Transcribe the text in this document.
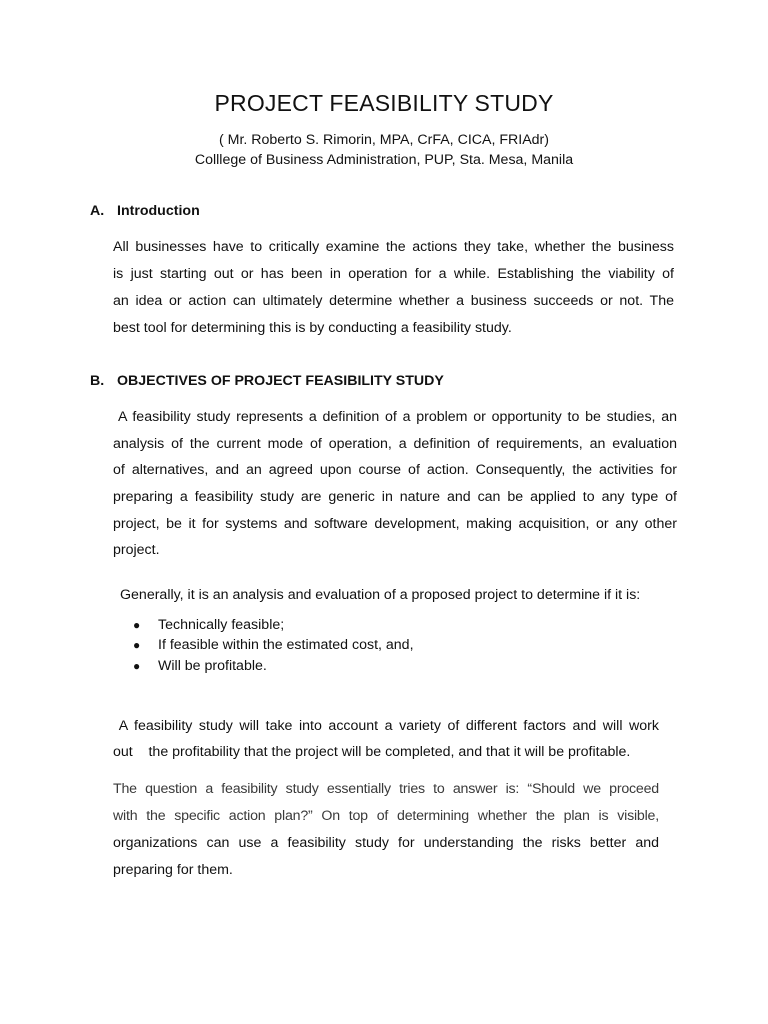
PROJECT FEASIBILITY STUDY
( Mr. Roberto S. Rimorin, MPA, CrFA, CICA, FRIAdr)
Colllege of Business Administration, PUP, Sta. Mesa, Manila
A. Introduction
All businesses have to critically examine the actions they take, whether the business
is just starting out or has been in operation for a while. Establishing the viability of
an idea or action can ultimately determine whether a business succeeds or not. The
best tool for determining this is by conducting a feasibility study.
B. OBJECTIVES OF PROJECT FEASIBILITY STUDY
A feasibility study represents a definition of a problem or opportunity to be studies, an
analysis of the current mode of operation, a definition of requirements, an evaluation
of alternatives, and an agreed upon course of action. Consequently, the activities for
preparing a feasibility study are generic in nature and can be applied to any type of
project, be it for systems and software development, making acquisition, or any other
project.
Generally, it is an analysis and evaluation of a proposed project to determine if it is:
● Technically feasible;
● If feasible within the estimated cost, and,
● Will be profitable.
A feasibility study will take into account a variety of different factors and will work
out    the profitability that the project will be completed, and that it will be profitable.
The question a feasibility study essentially tries to answer is: “Should we proceed
with the specific action plan?” On top of determining whether the plan is visible,
organizations can use a feasibility study for understanding the risks better and
preparing for them.
